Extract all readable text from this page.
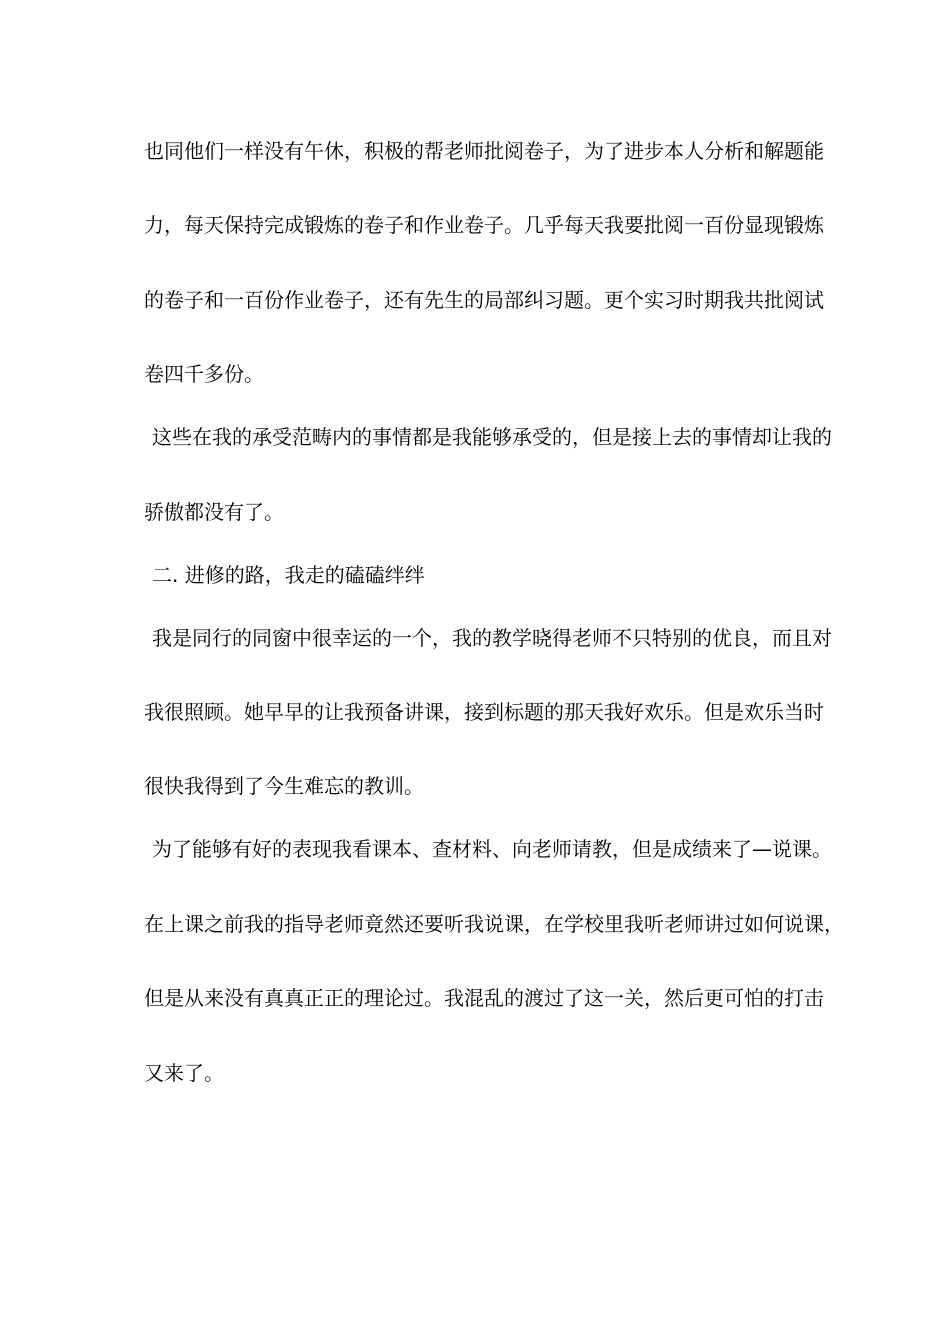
也同他们一样没有午休，积极的帮老师批阅卷子，为了进步本人分析和解题能
力，每天保持完成锻炼的卷子和作业卷子。几乎每天我要批阅一百份显现锻炼
的卷子和一百份作业卷子，还有先生的局部纠习题。更个实习时期我共批阅试
卷四千多份。
这些在我的承受范畴内的事情都是我能够承受的，但是接上去的事情却让我的
骄傲都没有了。
二. 进修的路，我走的磕磕绊绊
我是同行的同窗中很幸运的一个，我的教学晓得老师不只特别的优良，而且对
我很照顾。她早早的让我预备讲课，接到标题的那天我好欢乐。但是欢乐当时
很快我得到了今生难忘的教训。
为了能够有好的表现我看课本、查材料、向老师请教，但是成绩来了—说课。
在上课之前我的指导老师竟然还要听我说课，在学校里我听老师讲过如何说课，
但是从来没有真真正正的理论过。我混乱的渡过了这一关，然后更可怕的打击
又来了。
